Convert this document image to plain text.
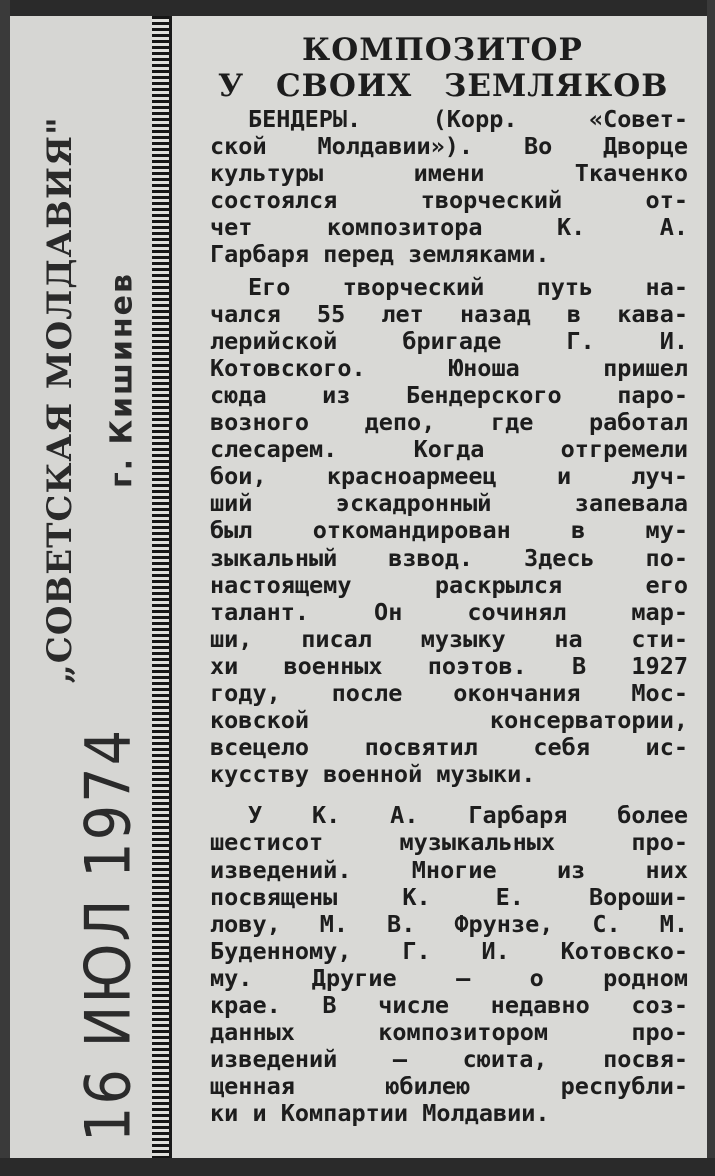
„СОВЕТСКАЯ МОЛДАВИЯ" г. Кишинев
16 ИЮЛ 1974
КОМПОЗИТОР
У СВОИХ ЗЕМЛЯКОВ
БЕНДЕРЫ. (Корр. «Совет-
ской Молдавии»). Во Дворце
культуры имени Ткаченко
состоялся творческий от-
чет композитора К. А.
Гарбаря перед земляками.
Его творческий путь на-
чался 55 лет назад в кава-
лерийской бригаде Г. И.
Котовского. Юноша пришел
сюда из Бендерского паро-
возного депо, где работал
слесарем. Когда отгремели
бои, красноармеец и луч-
ший эскадронный запевала
был откомандирован в му-
зыкальный взвод. Здесь по-
настоящему раскрылся его
талант. Он сочинял мар-
ши, писал музыку на сти-
хи военных поэтов. В 1927
году, после окончания Мос-
ковской консерватории,
всецело посвятил себя ис-
кусству военной музыки.
У К. А. Гарбаря более
шестисот музыкальных про-
изведений. Многие из них
посвящены К. Е. Вороши-
лову, М. В. Фрунзе, С. М.
Буденному, Г. И. Котовско-
му. Другие — о родном
крае. В числе недавно соз-
данных композитором про-
изведений — сюита, посвя-
щенная юбилею республи-
ки и Компартии Молдавии.
